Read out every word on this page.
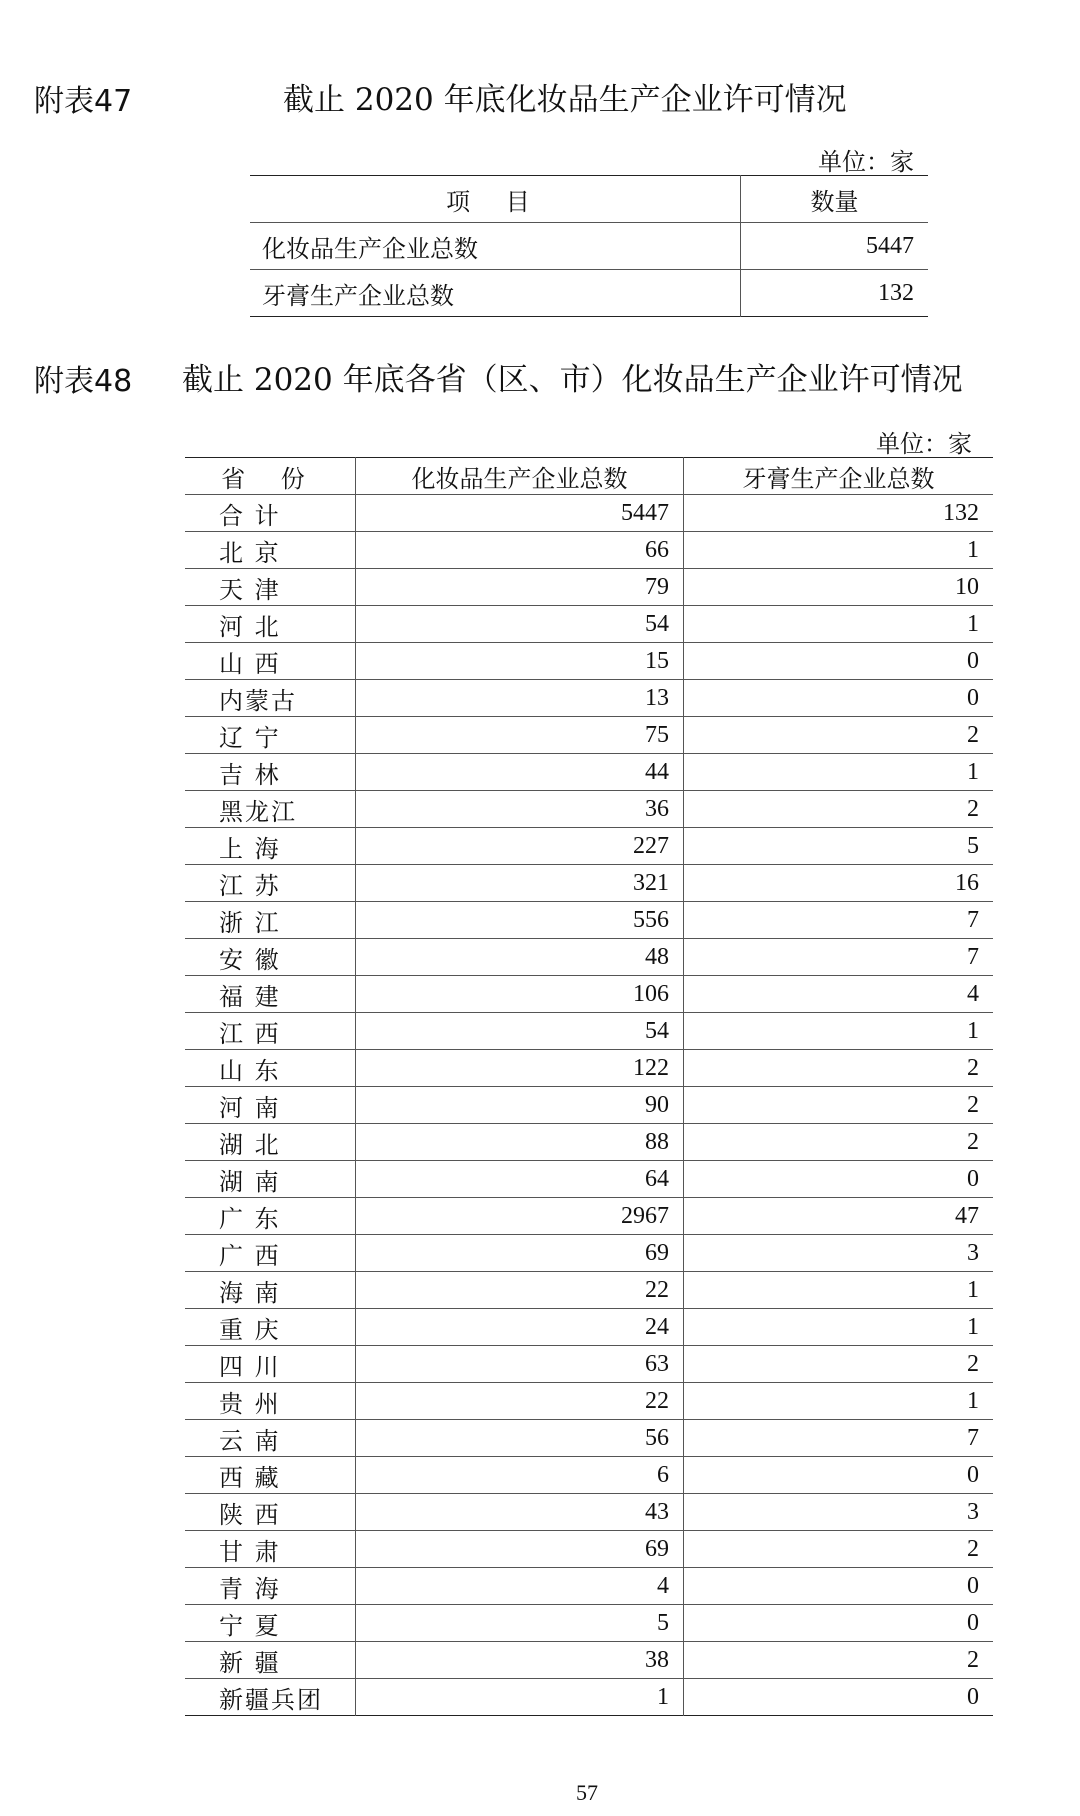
附表47	截止 2020 年底化妆品生产企业许可情况
单位：家
项 目	数量
化妆品生产企业总数	5447
牙膏生产企业总数	132
附表48 截止 2020 年底各省（区、市）化妆品生产企业许可情况
单位：家
省 份	化妆品生产企业总数	牙膏生产企业总数
合 计	5447	132
北 京	66	1
天 津	79	10
河 北	54	1
山 西	15	0
内蒙古	13	0
辽 宁	75	2
吉 林	44	1
黑龙江	36	2
上 海	227	5
江 苏	321	16
浙 江	556	7
安 徽	48	7
福 建	106	4
江 西	54	1
山 东	122	2
河 南	90	2
湖 北	88	2
湖 南	64	0
广 东	2967	47
广 西	69	3
海 南	22	1
重 庆	24	1
四 川	63	2
贵 州	22	1
云 南	56	7
西 藏	6	0
陕 西	43	3
甘 肃	69	2
青 海	4	0
宁 夏	5	0
新 疆	38	2
新疆兵团	1	0
57
